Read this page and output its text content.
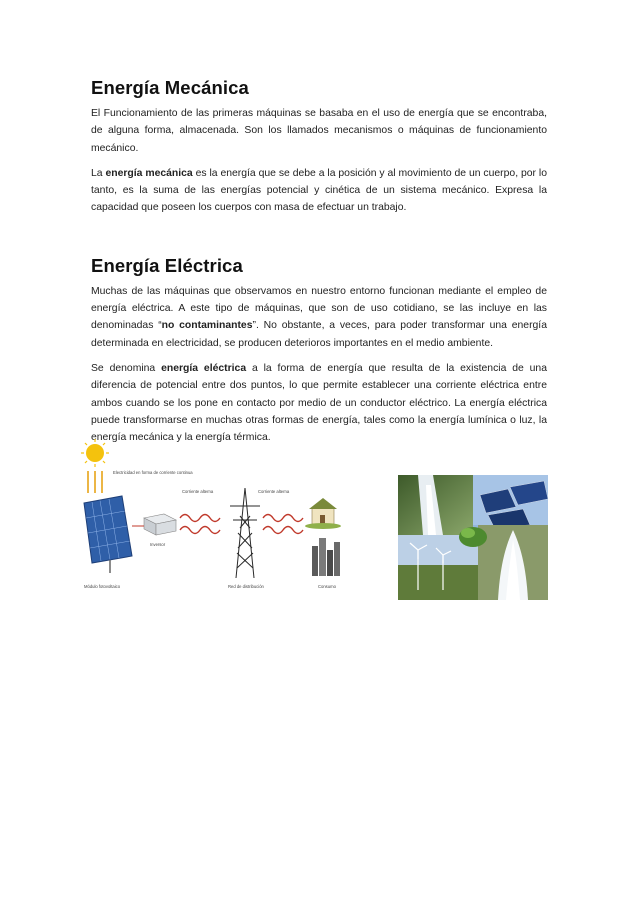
Energía Mecánica

El Funcionamiento de las primeras máquinas se basaba en el uso de energía que se encontraba, de alguna forma, almacenada. Son los llamados mecanismos o máquinas de funcionamiento mecánico.

La energía mecánica es la energía que se debe a la posición y al movimiento de un cuerpo, por lo tanto, es la suma de las energías potencial y cinética de un sistema mecánico. Expresa la capacidad que poseen los cuerpos con masa de efectuar un trabajo.

Energía Eléctrica

Muchas de las máquinas que observamos en nuestro entorno funcionan mediante el empleo de energía eléctrica. A este tipo de máquinas, que son de uso cotidiano, se las incluye en las denominadas “no contaminantes”. No obstante, a veces, para poder transformar una energía determinada en electricidad, se producen deterioros importantes en el medio ambiente.

Se denomina energía eléctrica a la forma de energía que resulta de la existencia de una diferencia de potencial entre dos puntos, lo que permite establecer una corriente eléctrica entre ambos cuando se los pone en contacto por medio de un conductor eléctrico. La energía eléctrica puede transformarse en muchas otras formas de energía, tales como la energía lumínica o luz, la energía mecánica y la energía térmica.

Módulo fotovoltaico
Electricidad en forma de corriente continua
Inversor
Corriente alterna
Red de distribución
Corriente alterna
Consumo
